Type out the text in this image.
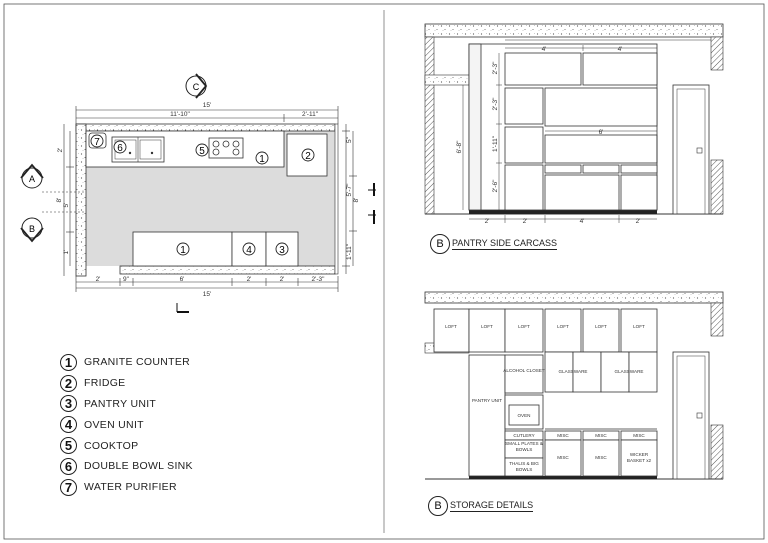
7
6	5
1	2
1	4	3
15'
11'-10"	2'-11"
2'	9"	6'	2'	2'	2'-3"
15'
2'
5'
1'
8'
5'-7"
1'-11"
5"
8'
C
A
B
4'	4'
2'-3"
2'-3"
1'-11"
2'-6"
6'-8"
6'
2'	2'	4'	2'
LOFT	LOFT	LOFT	LOFT	LOFT	LOFT
PANTRY UNIT
ALCOHOL CLOSET	GLASSWARE	GLASSWARE
OVEN
CUTLERY	MISC	MISC	MISC
MISC	MISC
SMALL PLATES & BOWLS
THALIS & BIG BOWLS
WICKER BASKET x2
1	GRANITE COUNTER
2	FRIDGE
3	PANTRY UNIT
4	OVEN UNIT
5	COOKTOP
6	DOUBLE BOWL SINK
7	WATER PURIFIER
B PANTRY SIDE CARCASS
B STORAGE DETAILS
